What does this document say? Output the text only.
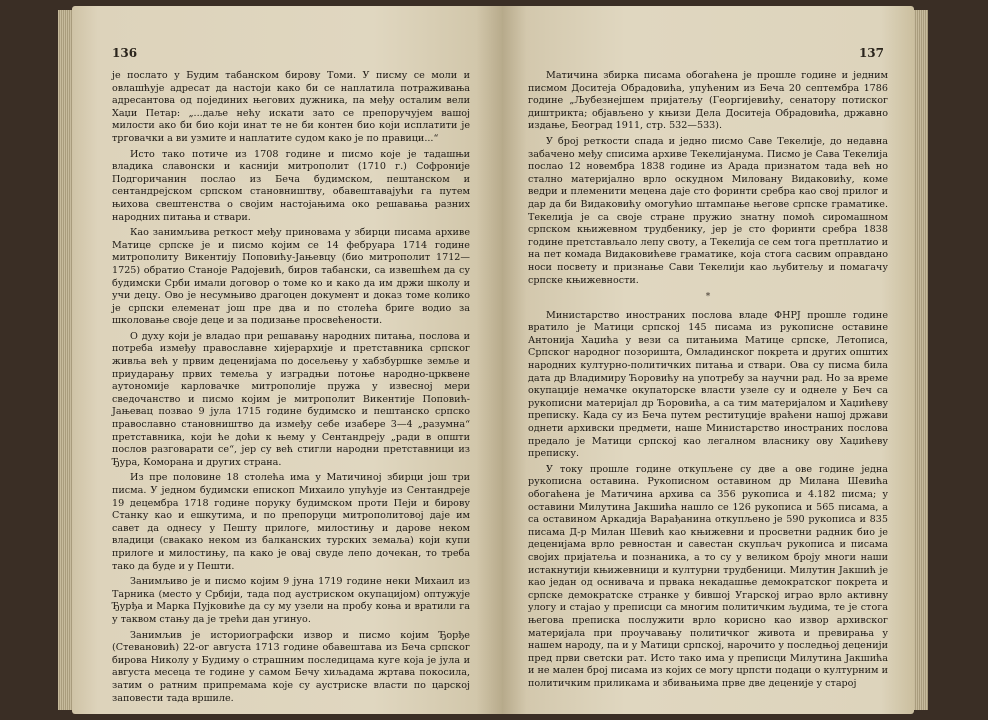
136

је послато у Будим табанском бирову Томи. У писму се моли и овлашћује адресат да настоји како би се наплатила потраживања адресантова од појединих његових дужника, па међу осталим вели Хаџи Петар: „...даље нећу искати зато се препоручујем вашој милости ако би био који инат те не би контен био који исплатити је трговачки а ви узмите и наплатите судом како је по правици...“

Исто тако потиче из 1708 године и писмо које је тадашњи владика славонски и каснији митрополит (1710 г.) Софроније Подгоричанин послао из Беча будимском, пештанском и сентандрејском српском становништву, обавештавајући га путем њихова свештенства о својим настојањима око решавања разних народних питања и ствари.

Као занимљива реткост међу приновама у збирци писама архиве Матице српске је и писмо којим се 14 фебруара 1714 године митрополиту Викентију Поповићу-Јањевцу (био митрополит 1712—1725) обратио Станоје Радојевић, биров табански, са извешћем да су будимски Срби имали договор о томе ко и како да им држи школу и учи децу. Ово је несумњиво драгоцен документ и доказ томе колико је српски елеменат још пре два и по столећа бриге водио за школовање своје деце и за подизање просвећености.

О духу који је владао при решавању народних питања, послова и потреба између православне хијерархије и претставника српског живља већ у првим деценијама по досељењу у хабзбуршке земље и приударању првих темеља у изградњи потоње народно-црквене аутономије карловачке митрополије пружа у извесној мери сведочанство и писмо којим је митрополит Викентије Поповић-Јањевац позвао 9 јула 1715 године будимско и пештанско српско православно становништво да између себе изабере 3—4 „разумна“ претставника, који ће доћи к њему у Сентандреју „ради в општи послов разговарати се“, јер су већ стигли народни претставници из Ђура, Коморана и других страна.

Из пре половине 18 столећа има у Матичиној збирци још три писма. У једном будимски епископ Михаило упућује из Сентандреје 19 децембра 1718 године поруку будимском проти Пеји и бирову Станку као и ешкутима, и по препоруци митрополитовој даје им савет да однесу у Пешту прилоге, милостињу и дарове неком владици (свакако неком из балканских турских земаља) који купи прилоге и милостињу, па како је овај свуде лепо дочекан, то треба тако да буде и у Пешти.

Занимљиво је и писмо којим 9 јуна 1719 године неки Михаил из Тарника (место у Србији, тада под аустриском окупацијом) оптужује Ђурђа и Марка Пујковиће да су му узели на пробу коња и вратили га у таквом стању да је трећи дан угинуо.

Занимљив је историографски извор и писмо којим Ђорђе (Стевановић) 22-ог августа 1713 године обавештава из Беча српског бирова Николу у Будиму о страшним последицама куге која је јула и августа месеца те године у самом Бечу хиљадама жртава покосила, затим о ратним припремама које су аустриске власти по царској заповести тада вршиле.

137

Матичина збирка писама обогаћена је прошле године и једним писмом Доситеја Обрадовића, упућеним из Беча 20 септембра 1786 године „Љубезнејшем пријатељу (Георгијевићу, сенатору потиског диштрикта; објављено у књизи Дела Доситеја Обрадовића, државно издање, Београд 1911, стр. 532—533).

У број реткости спада и једно писмо Саве Текелије, до недавна забачено међу списима архиве Текелијанума. Писмо је Сава Текелија послао 12 новембра 1838 године из Арада признатом тада већ но стално материјално врло оскудном Миловану Видаковићу, коме ведри и племенити мецена даје сто форинти сребра као свој прилог и дар да би Видаковићу омогућио штампање његове српске граматике. Текелија је са своје стране пружио знатну помоћ сиромашном српском књижевном трудбенику, јер је сто форинти сребра 1838 године претстављало лепу своту, а Текелија се сем тога претплатио и на пет комада Видаковићеве граматике, која стога сасвим оправдано носи посвету и признање Сави Текелији као љубитељу и помагачу српске књижевности.

*

Министарство иностраних послова владе ФНРЈ прошле године вратило је Матици српској 145 писама из рукописне оставине Антонија Хаџића у вези са питањима Матице српске, Летописа, Српског народног позоришта, Омладинског покрета и других општих народних културно-политичких питања и ствари. Ова су писма била дата др Владимиру Ћоровићу на употребу за научни рад. Но за време окупације немачке окупаторске власти узеле су и однеле у Беч са рукописни материјал др Ћоровића, а са тим материјалом и Хаџићеву преписку. Када су из Беча путем реституције враћени нашој држави однети архивски предмети, наше Министарство иностраних послова предало је Матици српској као легалном власнику ову Хаџићеву преписку.

У току прошле године откупљене су две а ове године једна рукописна оставина. Рукописном оставином др Милана Шевића обогаћена је Матичина архива са 356 рукописа и 4.182 писма; у оставини Милутина Јакшића нашло се 126 рукописа и 565 писама, а са оставином Аркадија Варађанина откупљено је 590 рукописа и 835 писама Д-р Милан Шевић као књижевни и просветни радник био је деценијама врло ревностан и савестан скупљач рукописа и писама својих пријатеља и познаника, а то су у великом броју многи наши истакнутији књижевници и културни трудбеници. Милутин Јакшић је као један од оснивача и првака некадашње демократског покрета и српске демократске странке у бившој Угарској играо врло активну улогу и стајао у преписци са многим политичким људима, те је стога његова преписка послужити врло корисно као извор архивског материјала при проучавању политичког живота и превирања у нашем народу, па и у Матици српској, нарочито у последњој деценији пред први светски рат. Исто тако има у преписци Милутина Јакшића и не мален број писама из којих се могу црпсти подаци о културним и политичким приликама и збивањима прве две деценије у старој
